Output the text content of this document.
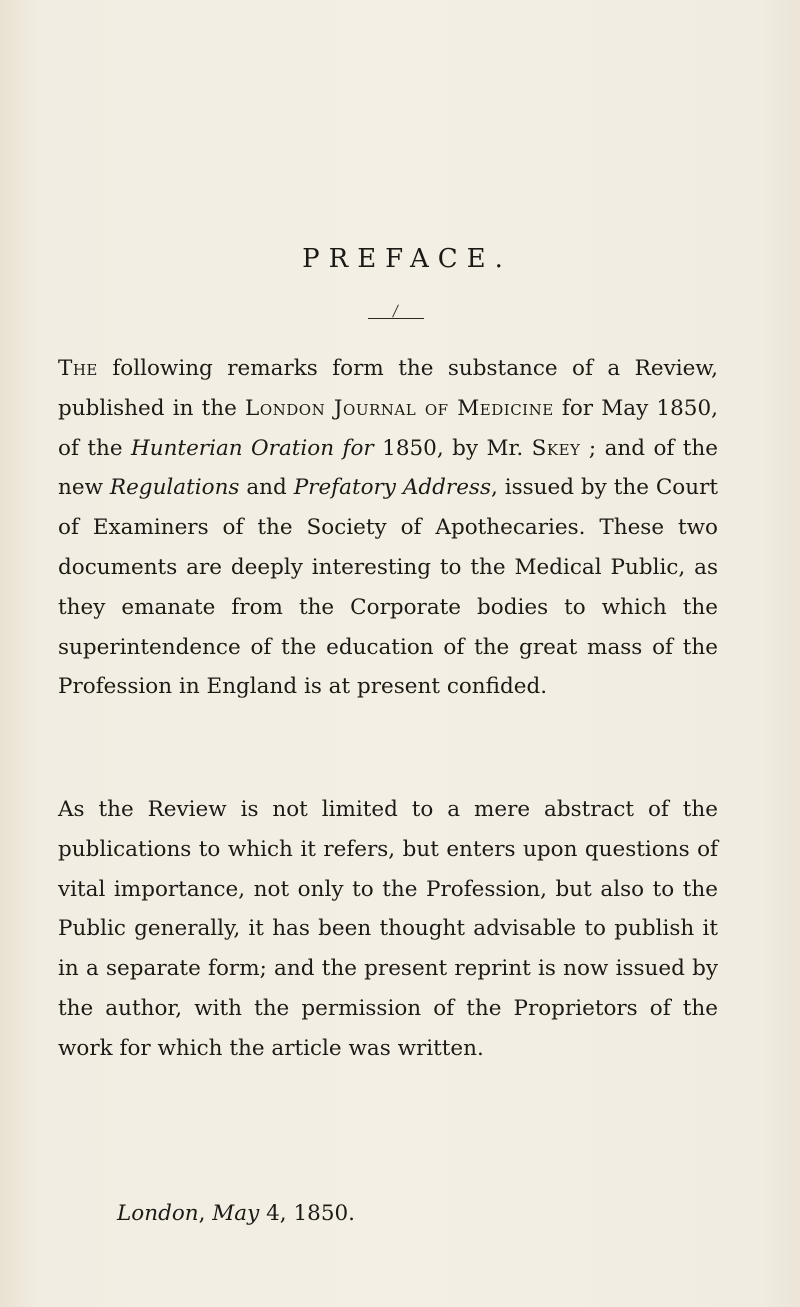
PREFACE.
The following remarks form the substance of a Review, published in the London Journal of Medicine for May 1850, of the Hunterian Oration for 1850, by Mr. Skey ; and of the new Regulations and Prefatory Address, issued by the Court of Examiners of the Society of Apothecaries. These two documents are deeply interesting to the Medical Public, as they emanate from the Corporate bodies to which the superintendence of the education of the great mass of the Profession in England is at present confided.
As the Review is not limited to a mere abstract of the publications to which it refers, but enters upon questions of vital importance, not only to the Profession, but also to the Public generally, it has been thought advisable to publish it in a separate form; and the present reprint is now issued by the author, with the permission of the Proprietors of the work for which the article was written.
London, May 4, 1850.
